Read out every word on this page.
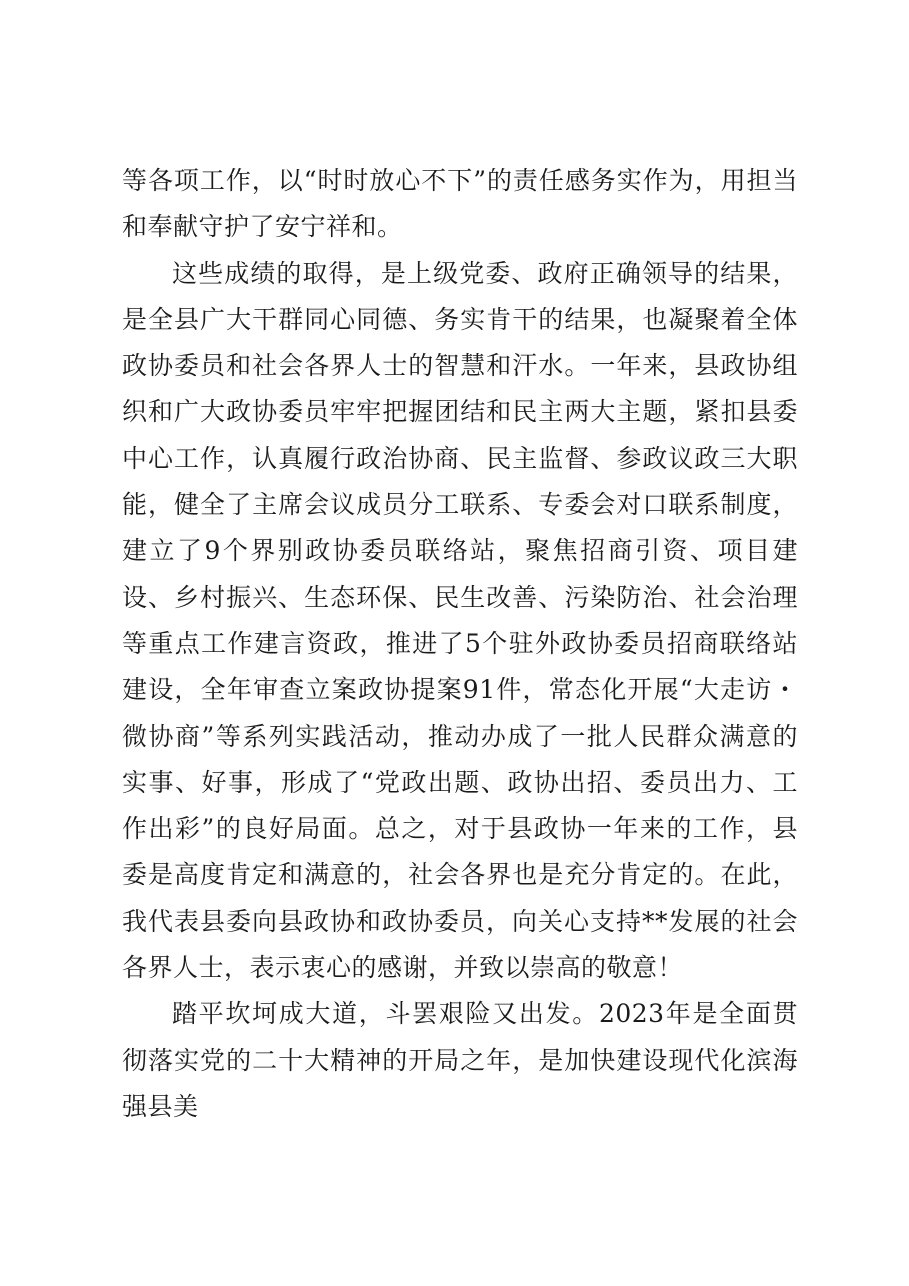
等各项工作，以“时时放心不下”的责任感务实作为，用担当和奉献守护了安宁祥和。

这些成绩的取得，是上级党委、政府正确领导的结果，是全县广大干群同心同德、务实肯干的结果，也凝聚着全体政协委员和社会各界人士的智慧和汗水。一年来，县政协组织和广大政协委员牢牢把握团结和民主两大主题，紧扣县委中心工作，认真履行政治协商、民主监督、参政议政三大职能，健全了主席会议成员分工联系、专委会对口联系制度，建立了9个界别政协委员联络站，聚焦招商引资、项目建设、乡村振兴、生态环保、民生改善、污染防治、社会治理等重点工作建言资政，推进了5个驻外政协委员招商联络站建设，全年审查立案政协提案91件，常态化开展“大走访・微协商”等系列实践活动，推动办成了一批人民群众满意的实事、好事，形成了“党政出题、政协出招、委员出力、工作出彩”的良好局面。总之，对于县政协一年来的工作，县委是高度肯定和满意的，社会各界也是充分肯定的。在此，我代表县委向县政协和政协委员，向关心支持**发展的社会各界人士，表示衷心的感谢，并致以崇高的敬意！

踏平坎坷成大道，斗罢艰险又出发。2023年是全面贯彻落实党的二十大精神的开局之年，是加快建设现代化滨海强县美
